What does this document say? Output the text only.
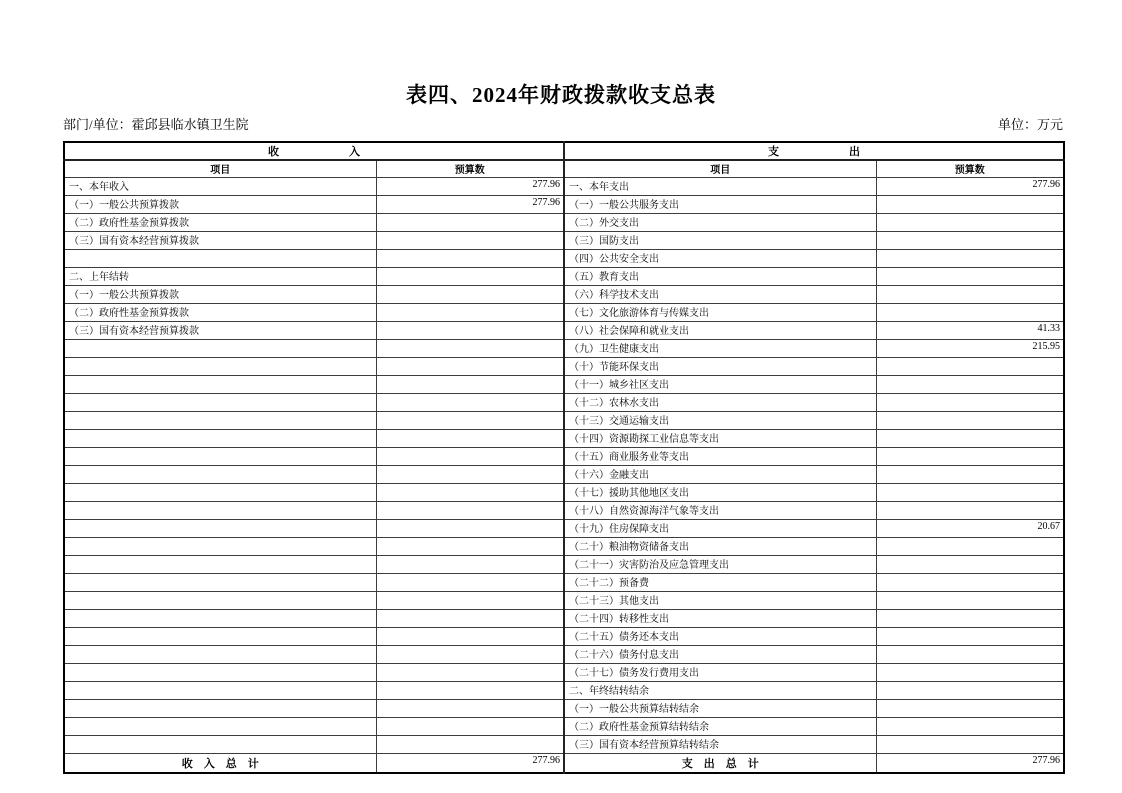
表四、2024年财政拨款收支总表
部门/单位：霍邱县临水镇卫生院	单位：万元
收入		支出	
项目	预算数	项目	预算数
一、本年收入	277.96	一、本年支出	277.96
（一）一般公共预算拨款	277.96	（一）一般公共服务支出	
（二）政府性基金预算拨款		（二）外交支出	
（三）国有资本经营预算拨款		（三）国防支出	
		（四）公共安全支出	
二、上年结转		（五）教育支出	
（一）一般公共预算拨款		（六）科学技术支出	
（二）政府性基金预算拨款		（七）文化旅游体育与传媒支出	
（三）国有资本经营预算拨款		（八）社会保障和就业支出	41.33
		（九）卫生健康支出	215.95
		（十）节能环保支出	
		（十一）城乡社区支出	
		（十二）农林水支出	
		（十三）交通运输支出	
		（十四）资源勘探工业信息等支出	
		（十五）商业服务业等支出	
		（十六）金融支出	
		（十七）援助其他地区支出	
		（十八）自然资源海洋气象等支出	
		（十九）住房保障支出	20.67
		（二十）粮油物资储备支出	
		（二十一）灾害防治及应急管理支出	
		（二十二）预备费	
		（二十三）其他支出	
		（二十四）转移性支出	
		（二十五）债务还本支出	
		（二十六）债务付息支出	
		（二十七）债务发行费用支出	
		二、年终结转结余	
		（一）一般公共预算结转结余	
		（二）政府性基金预算结转结余	
		（三）国有资本经营预算结转结余	
收入总计	277.96	支出总计	277.96
